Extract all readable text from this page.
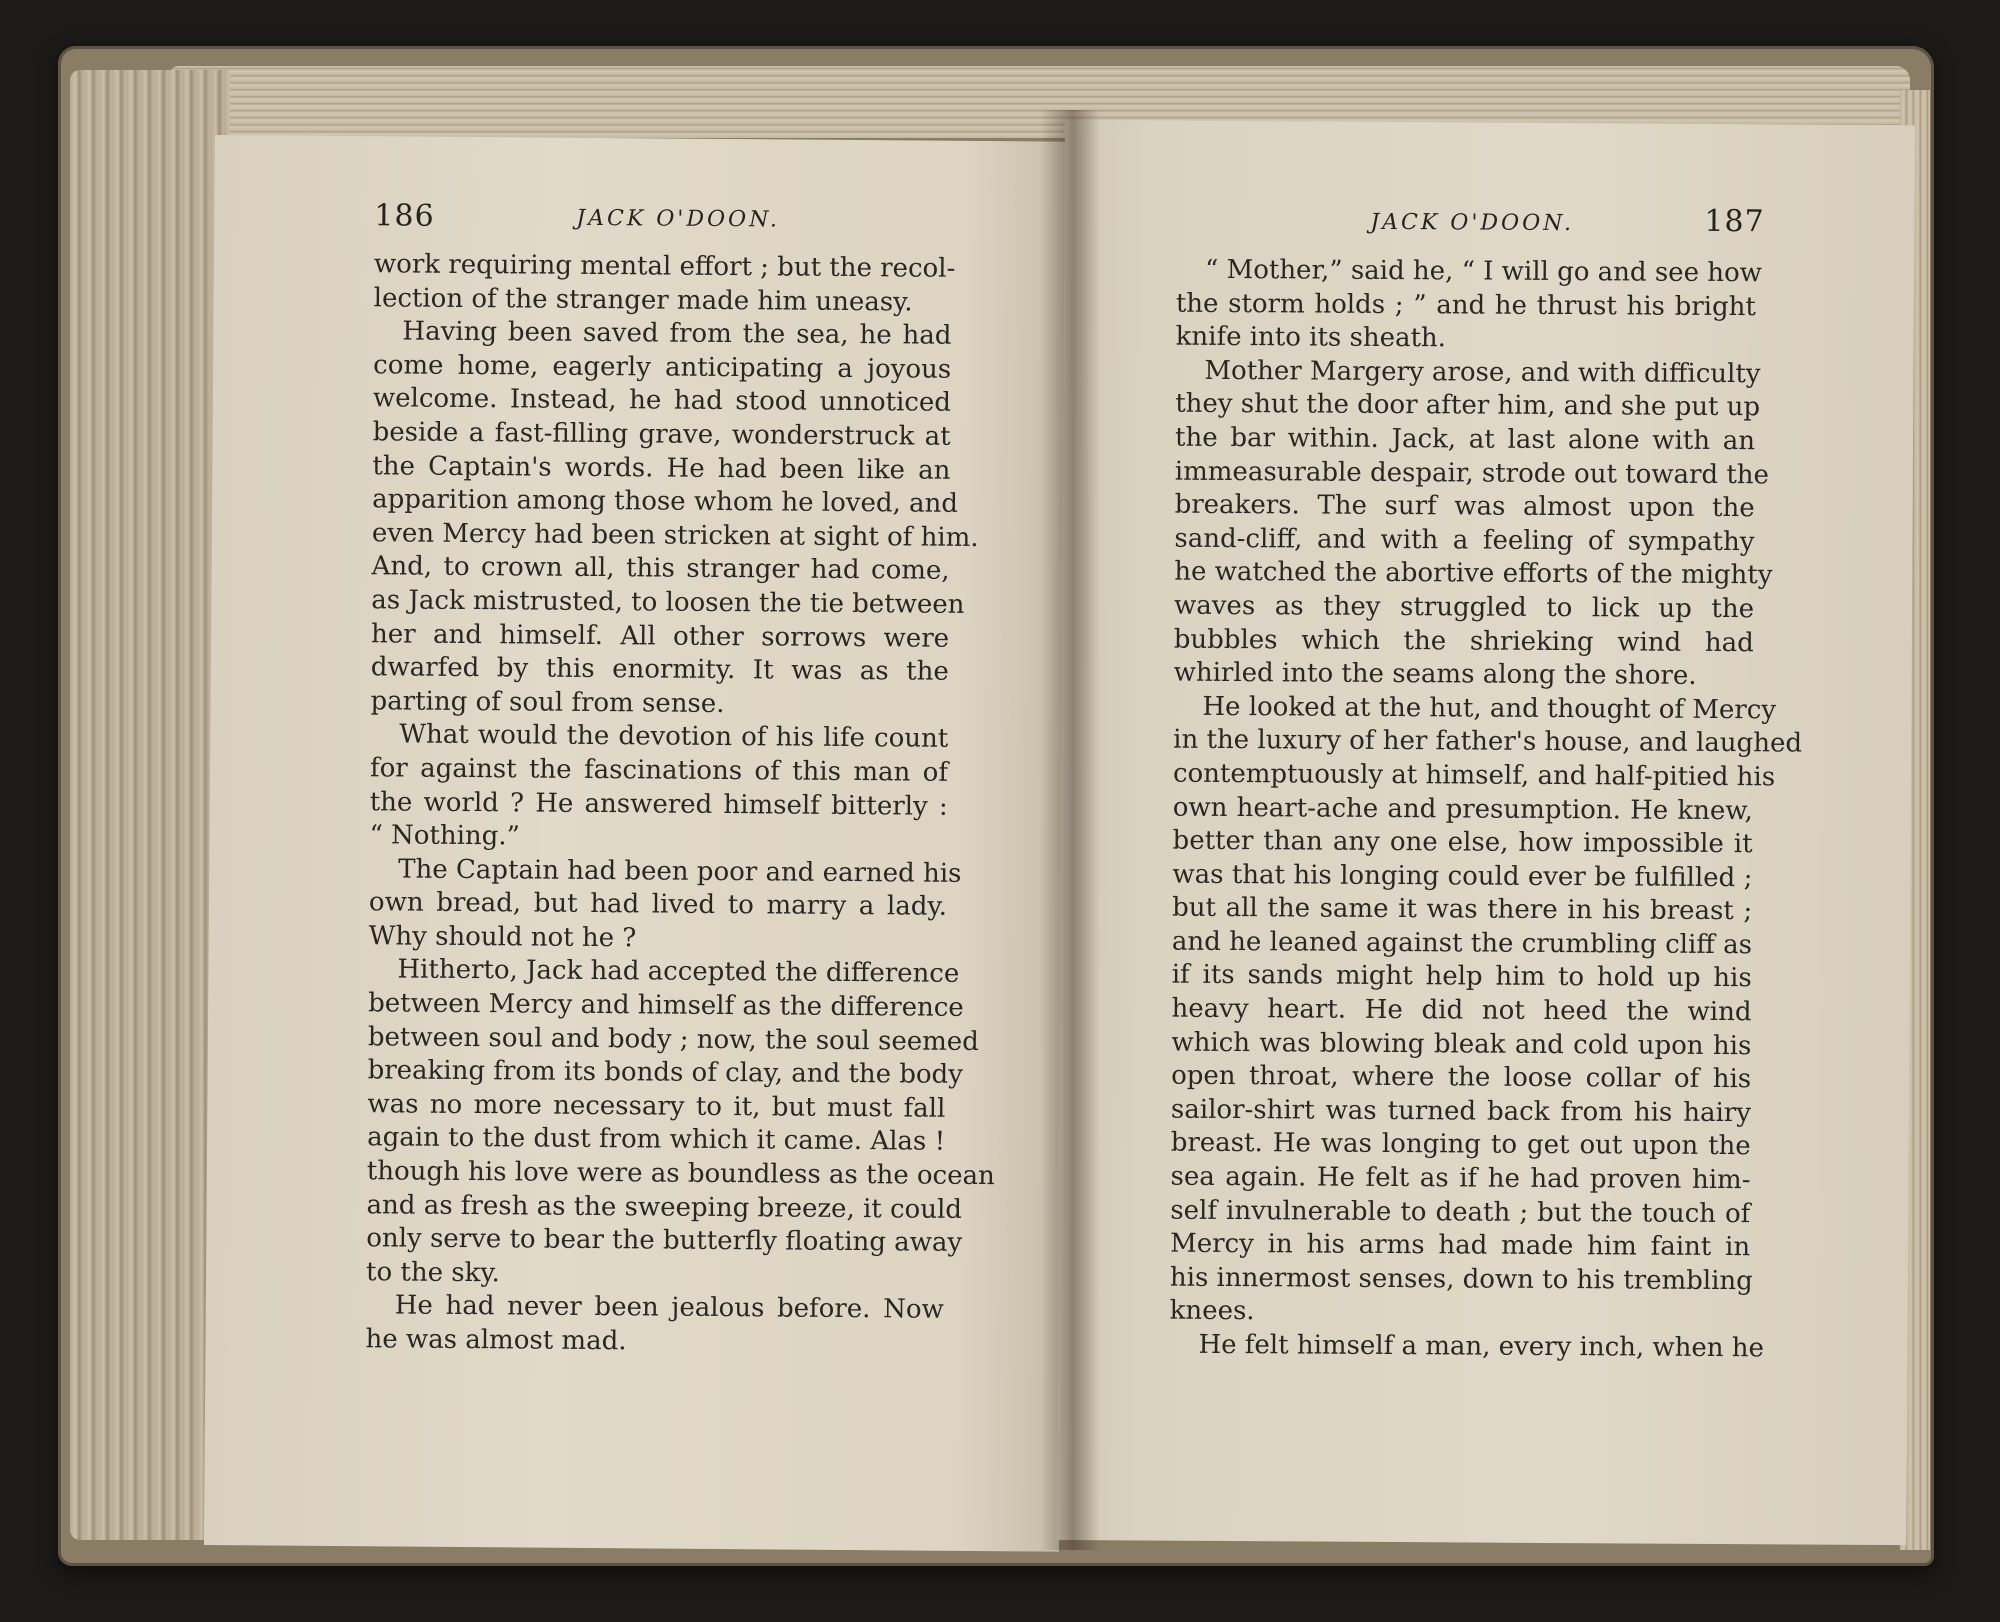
186	JACK O'DOON.
work requiring mental effort ; but the recol-
lection of the stranger made him uneasy.
Having been saved from the sea, he had
come home, eagerly anticipating a joyous
welcome. Instead, he had stood unnoticed
beside a fast-filling grave, wonderstruck at
the Captain's words. He had been like an
apparition among those whom he loved, and
even Mercy had been stricken at sight of him.
And, to crown all, this stranger had come,
as Jack mistrusted, to loosen the tie between
her and himself. All other sorrows were
dwarfed by this enormity. It was as the
parting of soul from sense.
What would the devotion of his life count
for against the fascinations of this man of
the world ? He answered himself bitterly :
“ Nothing.”
The Captain had been poor and earned his
own bread, but had lived to marry a lady.
Why should not he ?
Hitherto, Jack had accepted the difference
between Mercy and himself as the difference
between soul and body ; now, the soul seemed
breaking from its bonds of clay, and the body
was no more necessary to it, but must fall
again to the dust from which it came. Alas !
though his love were as boundless as the ocean
and as fresh as the sweeping breeze, it could
only serve to bear the butterfly floating away
to the sky.
He had never been jealous before. Now
he was almost mad.
JACK O'DOON.	187
“ Mother,” said he, “ I will go and see how
the storm holds ; ” and he thrust his bright
knife into its sheath.
Mother Margery arose, and with difficulty
they shut the door after him, and she put up
the bar within. Jack, at last alone with an
immeasurable despair, strode out toward the
breakers. The surf was almost upon the
sand-cliff, and with a feeling of sympathy
he watched the abortive efforts of the mighty
waves as they struggled to lick up the
bubbles which the shrieking wind had
whirled into the seams along the shore.
He looked at the hut, and thought of Mercy
in the luxury of her father's house, and laughed
contemptuously at himself, and half-pitied his
own heart-ache and presumption. He knew,
better than any one else, how impossible it
was that his longing could ever be fulfilled ;
but all the same it was there in his breast ;
and he leaned against the crumbling cliff as
if its sands might help him to hold up his
heavy heart. He did not heed the wind
which was blowing bleak and cold upon his
open throat, where the loose collar of his
sailor-shirt was turned back from his hairy
breast. He was longing to get out upon the
sea again. He felt as if he had proven him-
self invulnerable to death ; but the touch of
Mercy in his arms had made him faint in
his innermost senses, down to his trembling
knees.
He felt himself a man, every inch, when he
